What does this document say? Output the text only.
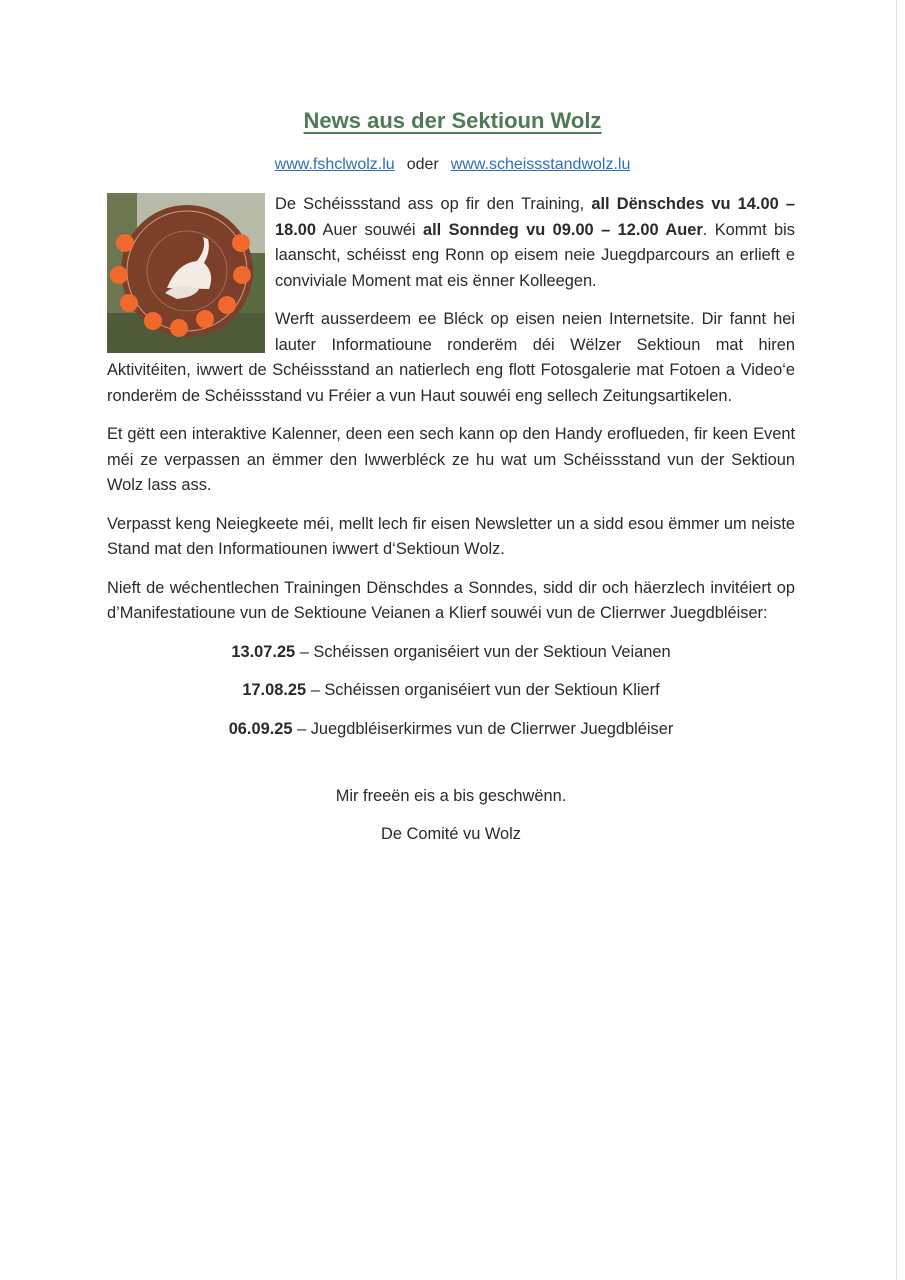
News aus der Sektioun Wolz
www.fshclwolz.lu oder www.scheissstandwolz.lu

De Schéissstand ass op fir den Training, all Dënschdes vu 14.00 – 18.00 Auer souwéi all Sonndeg vu 09.00 – 12.00 Auer. Kommt bis laanscht, schéisst eng Ronn op eisem neie Juegdparcours an erlieft e conviviale Moment mat eis ënner Kolleegen.

Werft ausserdeem ee Bléck op eisen neien Internetsite. Dir fannt hei lauter Informatioune ronderëm déi Wëlzer Sektioun mat hiren Aktivitéiten, iwwert de Schéissstand an natierlech eng flott Fotosgalerie mat Fotoen a Video‘e ronderëm de Schéissstand vu Fréier a vun Haut souwéi eng sellech Zeitungsartikelen.

Et gëtt een interaktive Kalenner, deen een sech kann op den Handy eroflueden, fir keen Event méi ze verpassen an ëmmer den Iwwerbléck ze hu wat um Schéissstand vun der Sektioun Wolz lass ass.

Verpasst keng Neiegkeete méi, mellt lech fir eisen Newsletter un a sidd esou ëmmer um neiste Stand mat den Informatiounen iwwert d‘Sektioun Wolz.

Nieft de wéchentlechen Trainingen Dënschdes a Sonndes, sidd dir och häerzlech invitéiert op d’Manifestatioune vun de Sektioune Veianen a Klierf souwéi vun de Clierrwer Juegdbléiser:

13.07.25 – Schéissen organiséiert vun der Sektioun Veianen
17.08.25 – Schéissen organiséiert vun der Sektioun Klierf
06.09.25 – Juegdbléiserkirmes vun de Clierrwer Juegdbléiser

Mir freeën eis a bis geschwënn.

De Comité vu Wolz
